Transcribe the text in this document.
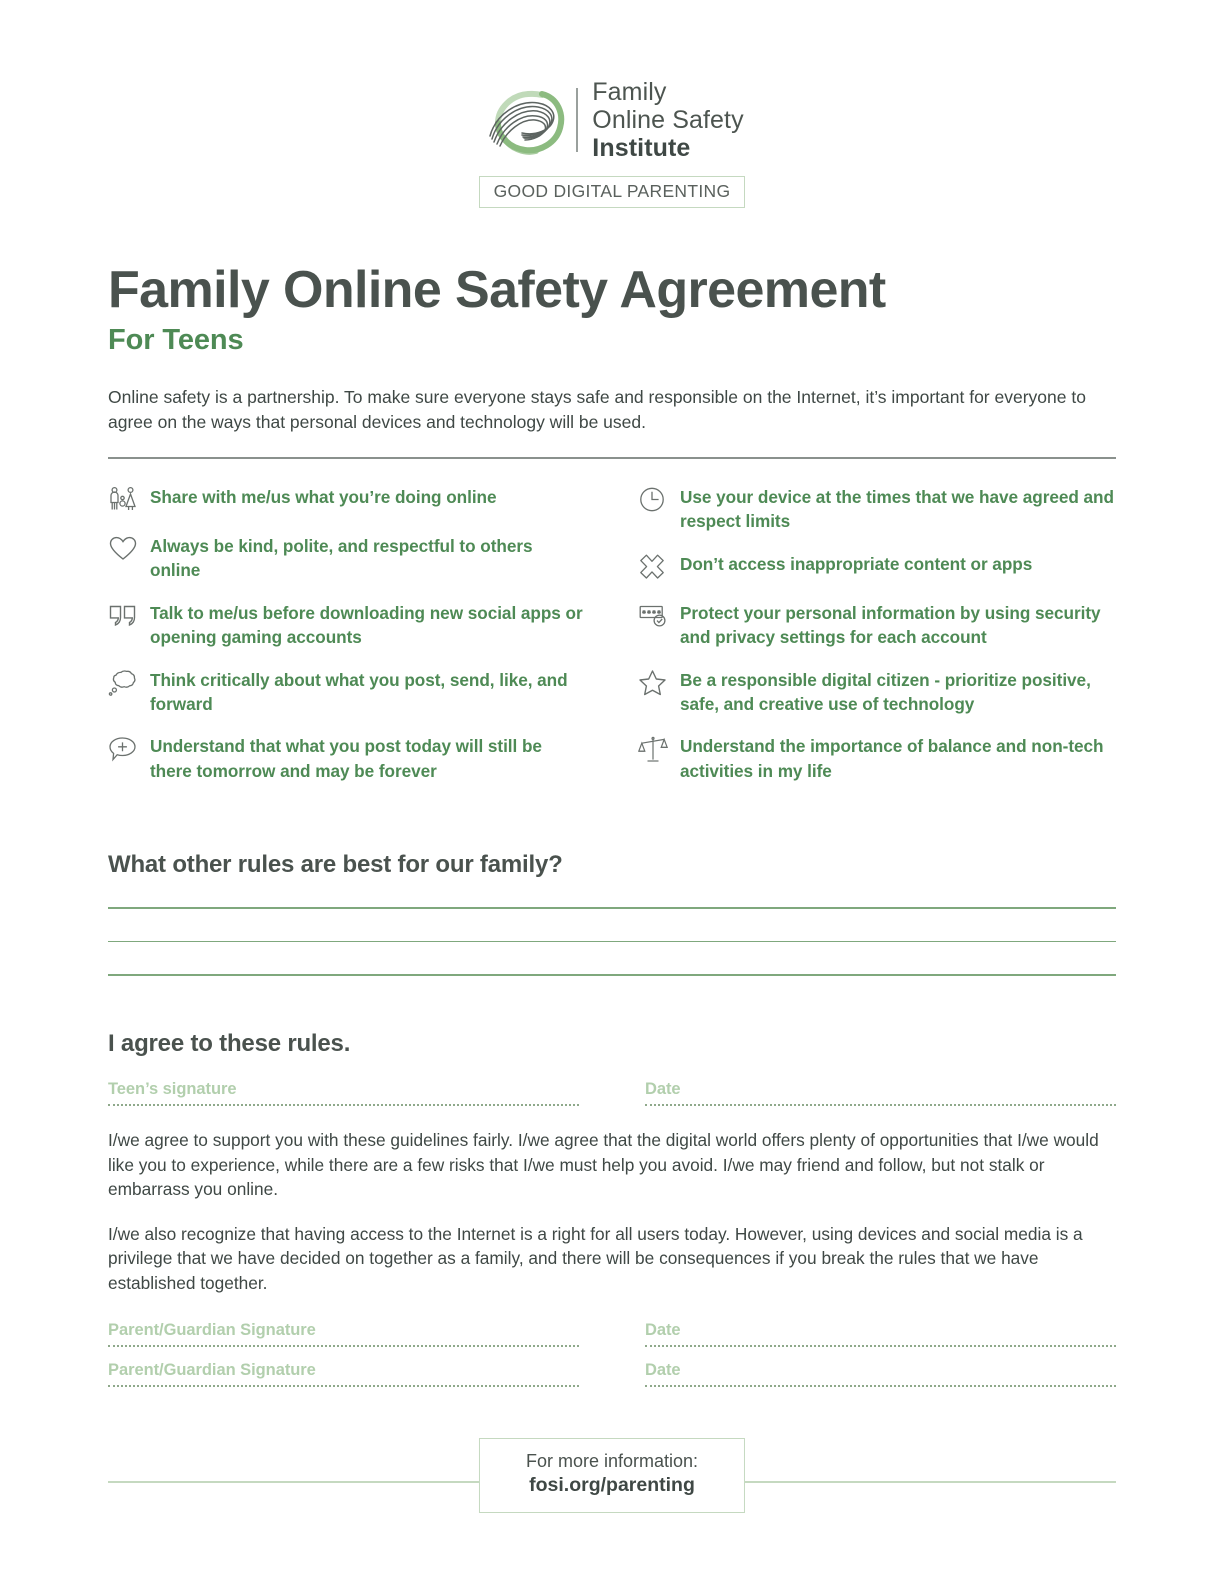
Family
Online Safety
Institute
GOOD DIGITAL PARENTING
Family Online Safety Agreement
For Teens

Online safety is a partnership. To make sure everyone stays safe and responsible on the Internet, it’s important for everyone to agree on the ways that personal devices and technology will be used.

Share with me/us what you’re doing online
Always be kind, polite, and respectful to others online
Talk to me/us before downloading new social apps or opening gaming accounts
Think critically about what you post, send, like, and forward
Understand that what you post today will still be there tomorrow and may be forever
Use your device at the times that we have agreed and respect limits
Don’t access inappropriate content or apps
Protect your personal information by using security and privacy settings for each account
Be a responsible digital citizen - prioritize positive, safe, and creative use of technology
Understand the importance of balance and non-tech activities in my life
What other rules are best for our family?
I agree to these rules.
Teen’s signature	Date

I/we agree to support you with these guidelines fairly. I/we agree that the digital world offers plenty of opportunities that I/we would like you to experience, while there are a few risks that I/we must help you avoid. I/we may friend and follow, but not stalk or embarrass you online.

I/we also recognize that having access to the Internet is a right for all users today. However, using devices and social media is a privilege that we have decided on together as a family, and there will be consequences if you break the rules that we have established together.

Parent/Guardian Signature	Date
Parent/Guardian Signature	Date
For more information:
fosi.org/parenting
